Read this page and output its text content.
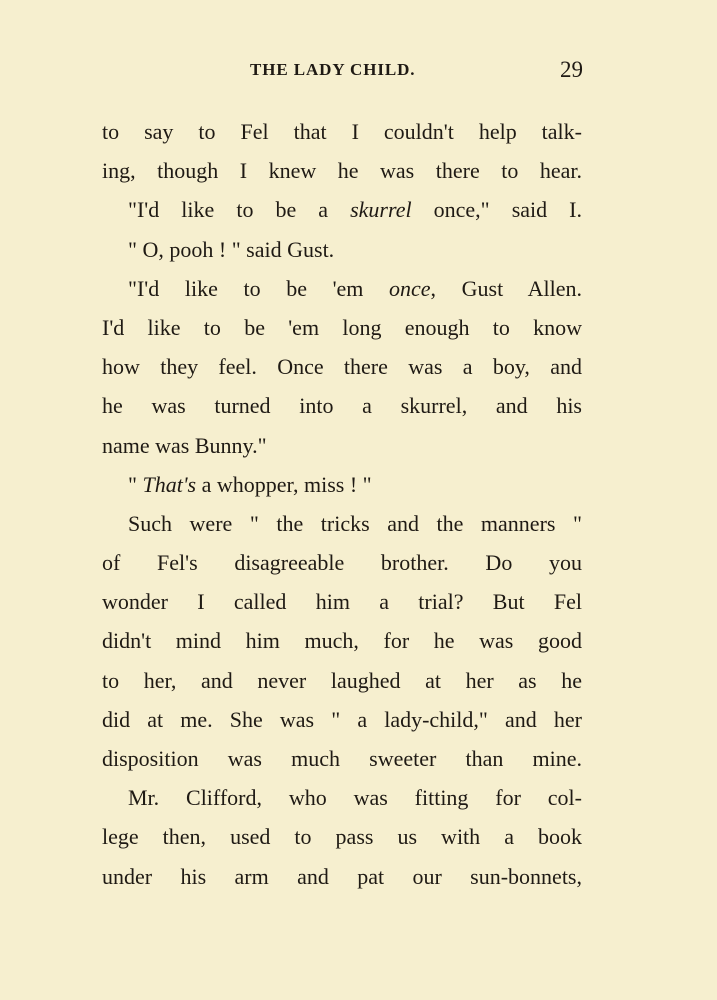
THE LADY CHILD.	29
to say to Fel that I couldn't help talk-
ing, though I knew he was there to hear.
"I'd like to be a skurrel once," said I.
" O, pooh ! " said Gust.
"I'd like to be 'em once, Gust Allen.
I'd like to be 'em long enough to know
how they feel. Once there was a boy, and
he was turned into a skurrel, and his
name was Bunny."
" That's a whopper, miss ! "
Such were " the tricks and the manners "
of Fel's disagreeable brother. Do you
wonder I called him a trial? But Fel
didn't mind him much, for he was good
to her, and never laughed at her as he
did at me. She was " a lady-child," and her
disposition was much sweeter than mine.
Mr. Clifford, who was fitting for col-
lege then, used to pass us with a book
under his arm and pat our sun-bonnets,
